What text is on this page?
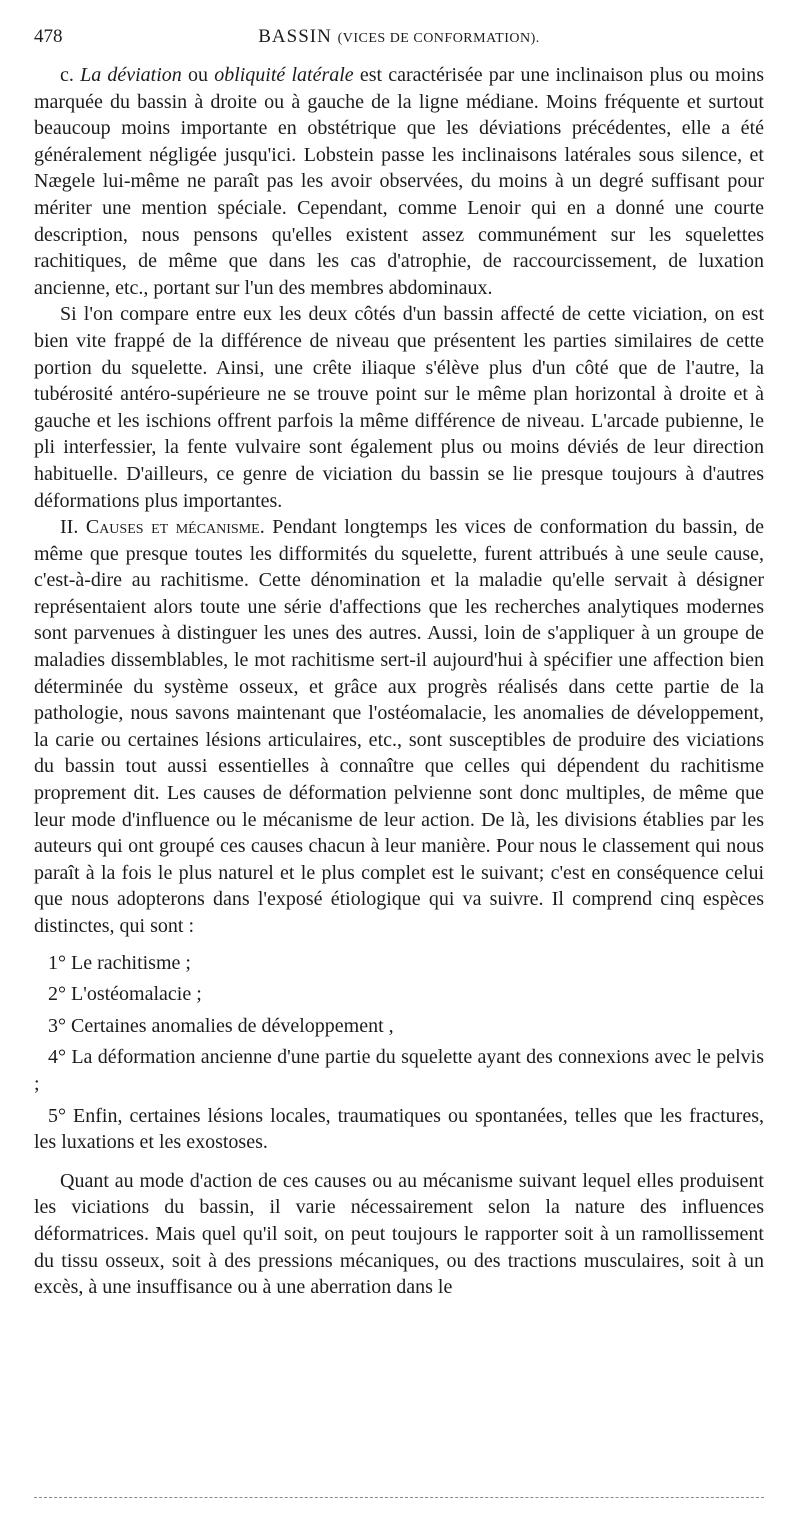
478	BASSIN (VICES DE CONFORMATION).

c. La déviation ou obliquité latérale est caractérisée par une inclinaison plus ou moins marquée du bassin à droite ou à gauche de la ligne médiane. Moins fréquente et surtout beaucoup moins importante en obstétrique que les déviations précédentes, elle a été généralement négligée jusqu'ici. Lobstein passe les inclinaisons latérales sous silence, et Nægele lui-même ne paraît pas les avoir observées, du moins à un degré suffisant pour mériter une mention spéciale. Cependant, comme Lenoir qui en a donné une courte description, nous pensons qu'elles existent assez communément sur les squelettes rachitiques, de même que dans les cas d'atrophie, de raccourcissement, de luxation ancienne, etc., portant sur l'un des membres abdominaux.

Si l'on compare entre eux les deux côtés d'un bassin affecté de cette viciation, on est bien vite frappé de la différence de niveau que présentent les parties similaires de cette portion du squelette. Ainsi, une crête iliaque s'élève plus d'un côté que de l'autre, la tubérosité antéro-supérieure ne se trouve point sur le même plan horizontal à droite et à gauche et les ischions offrent parfois la même différence de niveau. L'arcade pubienne, le pli interfessier, la fente vulvaire sont également plus ou moins déviés de leur direction habituelle. D'ailleurs, ce genre de viciation du bassin se lie presque toujours à d'autres déformations plus importantes.

II. Causes et mécanisme. Pendant longtemps les vices de conformation du bassin, de même que presque toutes les difformités du squelette, furent attribués à une seule cause, c'est-à-dire au rachitisme. Cette dénomination et la maladie qu'elle servait à désigner représentaient alors toute une série d'affections que les recherches analytiques modernes sont parvenues à distinguer les unes des autres. Aussi, loin de s'appliquer à un groupe de maladies dissemblables, le mot rachitisme sert-il aujourd'hui à spécifier une affection bien déterminée du système osseux, et grâce aux progrès réalisés dans cette partie de la pathologie, nous savons maintenant que l'ostéomalacie, les anomalies de développement, la carie ou certaines lésions articulaires, etc., sont susceptibles de produire des viciations du bassin tout aussi essentielles à connaître que celles qui dépendent du rachitisme proprement dit. Les causes de déformation pelvienne sont donc multiples, de même que leur mode d'influence ou le mécanisme de leur action. De là, les divisions établies par les auteurs qui ont groupé ces causes chacun à leur manière. Pour nous le classement qui nous paraît à la fois le plus naturel et le plus complet est le suivant; c'est en conséquence celui que nous adopterons dans l'exposé étiologique qui va suivre. Il comprend cinq espèces distinctes, qui sont :

1° Le rachitisme ;
2° L'ostéomalacie ;
3° Certaines anomalies de développement ,
4° La déformation ancienne d'une partie du squelette ayant des connexions avec le pelvis ;
5° Enfin, certaines lésions locales, traumatiques ou spontanées, telles que les fractures, les luxations et les exostoses.

Quant au mode d'action de ces causes ou au mécanisme suivant lequel elles produisent les viciations du bassin, il varie nécessairement selon la nature des influences déformatrices. Mais quel qu'il soit, on peut toujours le rapporter soit à un ramollissement du tissu osseux, soit à des pressions mécaniques, ou des tractions musculaires, soit à un excès, à une insuffisance ou à une aberration dans le
